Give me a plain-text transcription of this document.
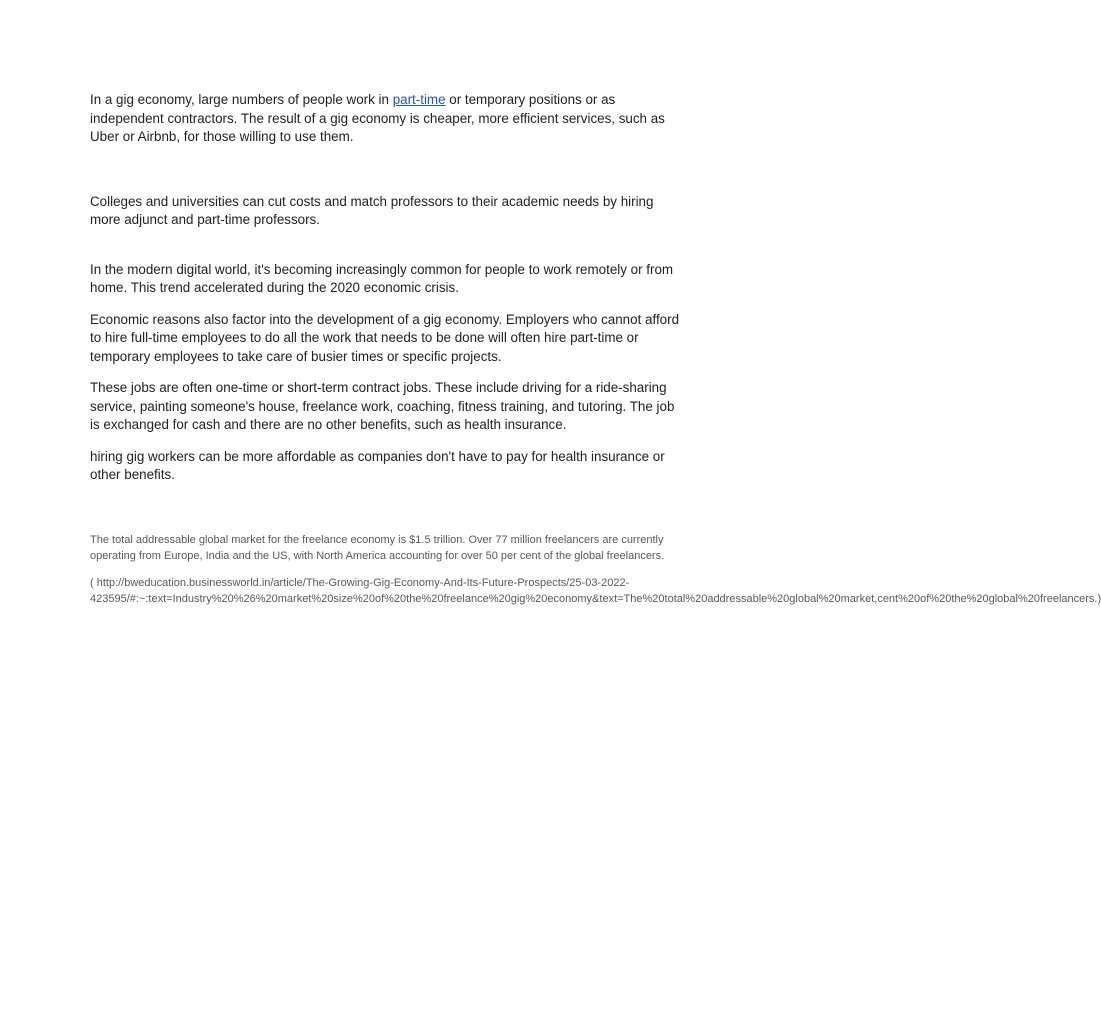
In a gig economy, large numbers of people work in part-time or temporary positions or as independent contractors. The result of a gig economy is cheaper, more efficient services, such as Uber or Airbnb, for those willing to use them.

Colleges and universities can cut costs and match professors to their academic needs by hiring more adjunct and part-time professors.

In the modern digital world, it's becoming increasingly common for people to work remotely or from home. This trend accelerated during the 2020 economic crisis.

Economic reasons also factor into the development of a gig economy. Employers who cannot afford to hire full-time employees to do all the work that needs to be done will often hire part-time or temporary employees to take care of busier times or specific projects.

These jobs are often one-time or short-term contract jobs. These include driving for a ride-sharing service, painting someone's house, freelance work, coaching, fitness training, and tutoring. The job is exchanged for cash and there are no other benefits, such as health insurance.

hiring gig workers can be more affordable as companies don't have to pay for health insurance or other benefits.

The total addressable global market for the freelance economy is $1.5 trillion. Over 77 million freelancers are currently operating from Europe, India and the US, with North America accounting for over 50 per cent of the global freelancers.

( http://bweducation.businessworld.in/article/The-Growing-Gig-Economy-And-Its-Future-Prospects/25-03-2022-423595/#:~:text=Industry%20%26%20market%20size%20of%20the%20freelance%20gig%20economy&text=The%20total%20addressable%20global%20market,cent%20of%20the%20global%20freelancers.)
